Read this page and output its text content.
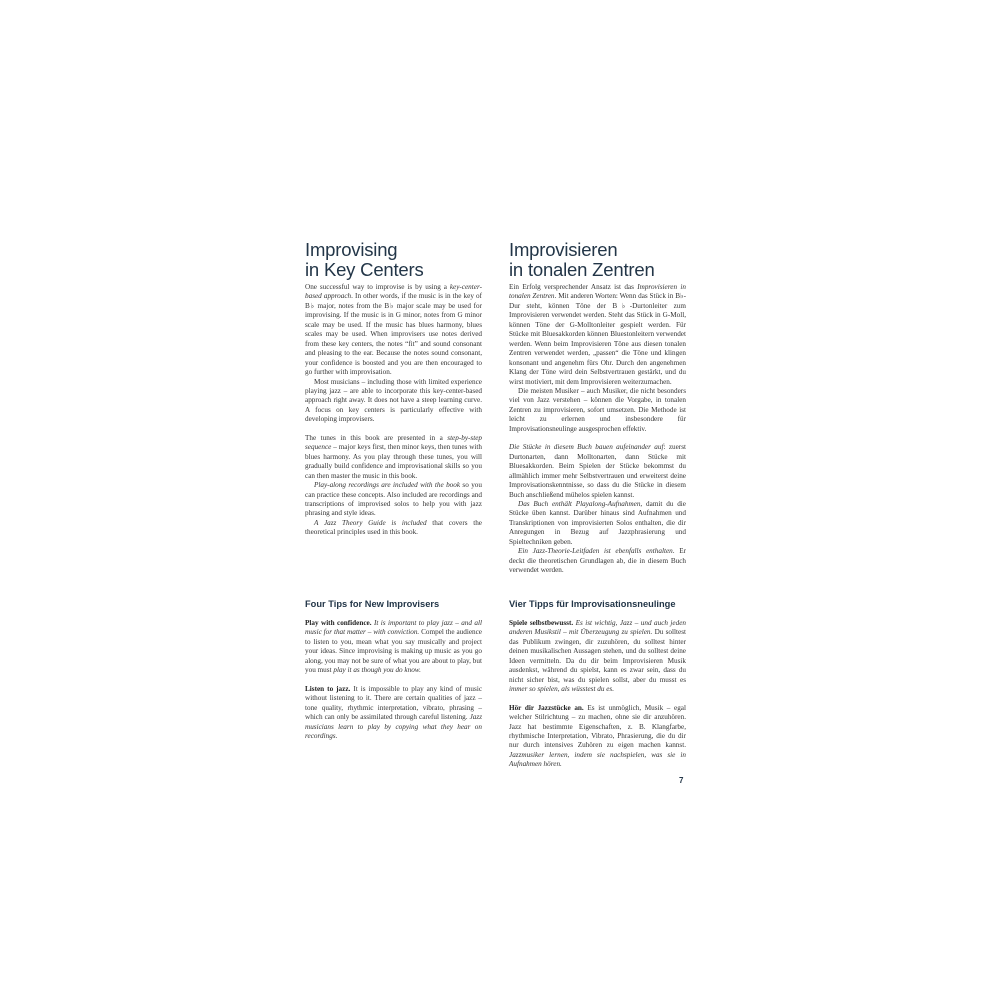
Improvising
in Key Centers

One successful way to improvise is by using a key-center-based approach. In other words, if the music is in the key of B♭ major, notes from the B♭ major scale may be used for improvising. If the music is in G minor, notes from G minor scale may be used. If the music has blues harmony, blues scales may be used. When improvisers use notes derived from these key centers, the notes “fit” and sound consonant and pleasing to the ear. Because the notes sound consonant, your confidence is boosted and you are then encouraged to go further with improvisation.

Most musicians – including those with limited experience playing jazz – are able to incorporate this key-center-based approach right away. It does not have a steep learning curve. A focus on key centers is particularly effective with developing improvisers.

The tunes in this book are presented in a step-by-step sequence – major keys first, then minor keys, then tunes with blues harmony. As you play through these tunes, you will gradually build confidence and improvisational skills so you can then master the music in this book.

Play-along recordings are included with the book so you can practice these concepts. Also included are recordings and transcriptions of improvised solos to help you with jazz phrasing and style ideas.

A Jazz Theory Guide is included that covers the theoretical principles used in this book.

Four Tips for New Improvisers

Play with confidence. It is important to play jazz – and all music for that matter – with conviction. Compel the audience to listen to you, mean what you say musically and project your ideas. Since improvising is making up music as you go along, you may not be sure of what you are about to play, but you must play it as though you do know.

Listen to jazz. It is impossible to play any kind of music without listening to it. There are certain qualities of jazz – tone quality, rhythmic interpretation, vibrato, phrasing – which can only be assimilated through careful listening. Jazz musicians learn to play by copying what they hear on recordings.

Improvisieren
in tonalen Zentren

Ein Erfolg versprechender Ansatz ist das Improvisieren in tonalen Zentren. Mit anderen Worten: Wenn das Stück in B♭-Dur steht, können Töne der B♭-Durtonleiter zum Improvisieren verwendet werden. Steht das Stück in G-Moll, können Töne der G-Molltonleiter gespielt werden. Für Stücke mit Bluesakkorden können Bluestonleitern verwendet werden. Wenn beim Improvisieren Töne aus diesen tonalen Zentren verwendet werden, „passen“ die Töne und klingen konsonant und angenehm fürs Ohr. Durch den angenehmen Klang der Töne wird dein Selbstvertrauen gestärkt, und du wirst motiviert, mit dem Improvisieren weiterzumachen.

Die meisten Musiker – auch Musiker, die nicht besonders viel von Jazz verstehen – können die Vorgabe, in tonalen Zentren zu improvisieren, sofort umsetzen. Die Methode ist leicht zu erlernen und insbesondere für Improvisationsneulinge ausgesprochen effektiv.

Die Stücke in diesem Buch bauen aufeinander auf: zuerst Durtonarten, dann Molltonarten, dann Stücke mit Bluesakkorden. Beim Spielen der Stücke bekommst du allmählich immer mehr Selbstvertrauen und erweiterst deine Improvisationskenntnisse, so dass du die Stücke in diesem Buch anschließend mühelos spielen kannst.

Das Buch enthält Playalong-Aufnahmen, damit du die Stücke üben kannst. Darüber hinaus sind Aufnahmen und Transkriptionen von improvisierten Solos enthalten, die dir Anregungen in Bezug auf Jazzphrasierung und Spieltechniken geben.

Ein Jazz-Theorie-Leitfaden ist ebenfalls enthalten. Er deckt die theoretischen Grundlagen ab, die in diesem Buch verwendet werden.

Vier Tipps für Improvisationsneulinge

Spiele selbstbewusst. Es ist wichtig, Jazz – und auch jeden anderen Musikstil – mit Überzeugung zu spielen. Du solltest das Publikum zwingen, dir zuzuhören, du solltest hinter deinen musikalischen Aussagen stehen, und du solltest deine Ideen vermitteln. Da du dir beim Improvisieren Musik ausdenkst, während du spielst, kann es zwar sein, dass du nicht sicher bist, was du spielen sollst, aber du musst es immer so spielen, als wüsstest du es.

Hör dir Jazzstücke an. Es ist unmöglich, Musik – egal welcher Stilrichtung – zu machen, ohne sie dir anzuhören. Jazz hat bestimmte Eigenschaften, z. B. Klangfarbe, rhythmische Interpretation, Vibrato, Phrasierung, die du dir nur durch intensives Zuhören zu eigen machen kannst. Jazzmusiker lernen, indem sie nachspielen, was sie in Aufnahmen hören.

7
